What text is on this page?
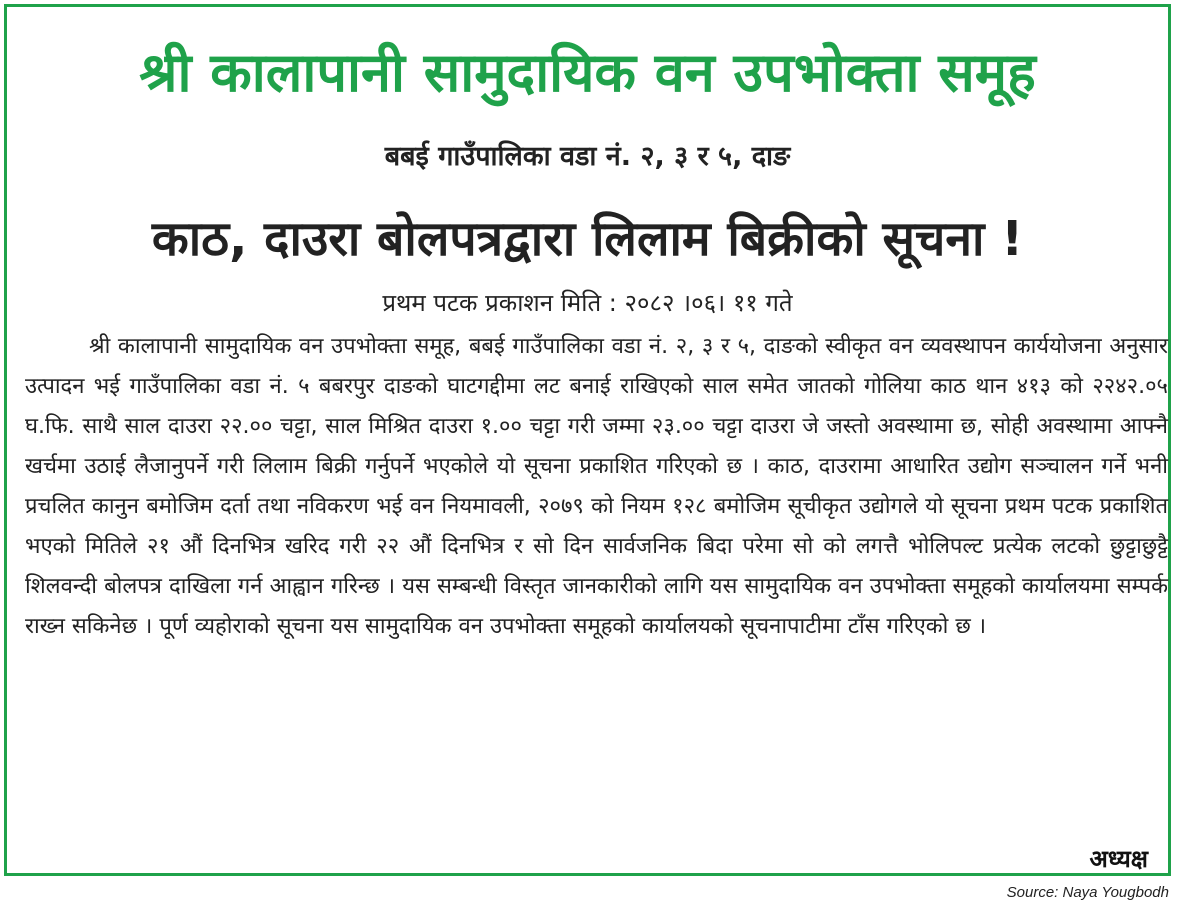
श्री कालापानी सामुदायिक वन उपभोक्ता समूह
बबई गाउँपालिका वडा नं. २, ३ र ५, दाङ
काठ, दाउरा बोलपत्रद्वारा लिलाम बिक्रीको सूचना !
प्रथम पटक प्रकाशन मिति : २०८२ ।०६। ११ गते

श्री कालापानी सामुदायिक वन उपभोक्ता समूह, बबई गाउँपालिका वडा नं. २, ३ र ५, दाङको स्वीकृत वन व्यवस्थापन कार्ययोजना अनुसार उत्पादन भई गाउँपालिका वडा नं. ५ बबरपुर दाङको घाटगद्दीमा लट बनाई राखिएको साल समेत जातको गोलिया काठ थान ४१३ को २२४२.०५ घ.फि. साथै साल दाउरा २२.०० चट्टा, साल मिश्रित दाउरा १.०० चट्टा गरी जम्मा २३.०० चट्टा दाउरा जे जस्तो अवस्थामा छ, सोही अवस्थामा आफ्नै खर्चमा उठाई लैजानुपर्ने गरी लिलाम बिक्री गर्नुपर्ने भएकोले यो सूचना प्रकाशित गरिएको छ । काठ, दाउरामा आधारित उद्योग सञ्चालन गर्ने भनी प्रचलित कानुन बमोजिम दर्ता तथा नविकरण भई वन नियमावली, २०७९ को नियम १२८ बमोजिम सूचीकृत उद्योगले यो सूचना प्रथम पटक प्रकाशित भएको मितिले २१ औं दिनभित्र खरिद गरी २२ औं दिनभित्र र सो दिन सार्वजनिक बिदा परेमा सो को लगत्तै भोलिपल्ट प्रत्येक लटको छुट्टाछुट्टै शिलवन्दी बोलपत्र दाखिला गर्न आह्वान गरिन्छ । यस सम्बन्धी विस्तृत जानकारीको लागि यस सामुदायिक वन उपभोक्ता समूहको कार्यालयमा सम्पर्क राख्न सकिनेछ । पूर्ण व्यहोराको सूचना यस सामुदायिक वन उपभोक्ता समूहको कार्यालयको सूचनापाटीमा टाँस गरिएको छ ।

अध्यक्ष
Source: Naya Yougbodh
